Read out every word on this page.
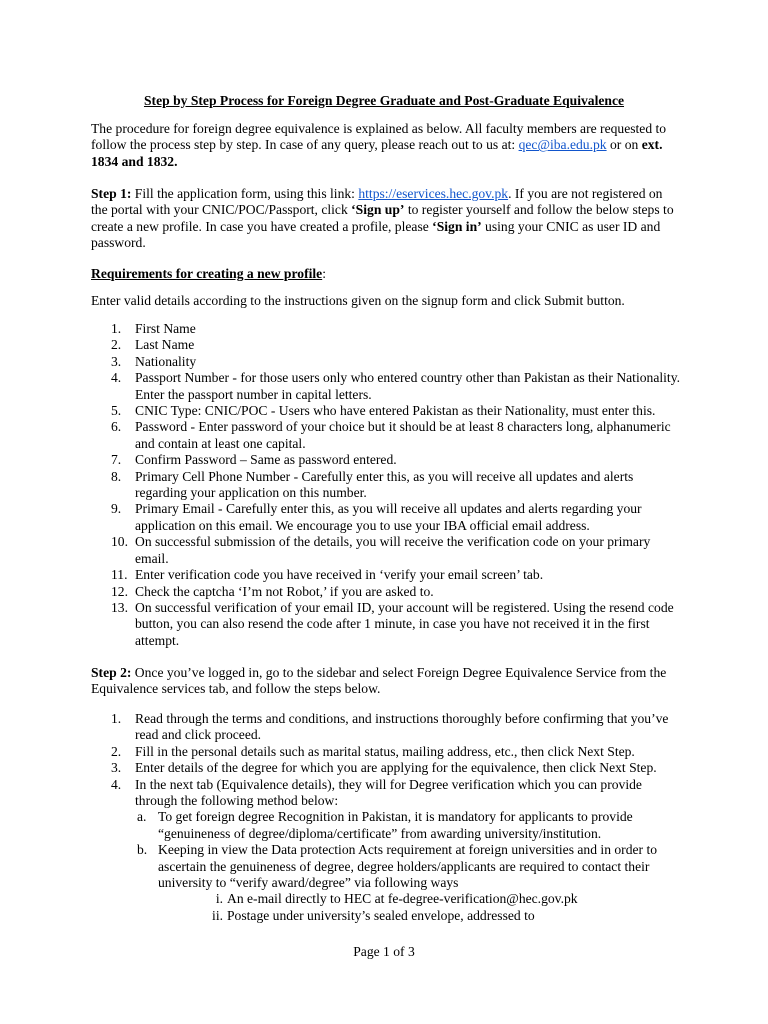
Step by Step Process for Foreign Degree Graduate and Post-Graduate Equivalence
The procedure for foreign degree equivalence is explained as below. All faculty members are requested to follow the process step by step. In case of any query, please reach out to us at: qec@iba.edu.pk or on ext. 1834 and 1832.
Step 1: Fill the application form, using this link: https://eservices.hec.gov.pk. If you are not registered on the portal with your CNIC/POC/Passport, click ‘Sign up’ to register yourself and follow the below steps to create a new profile. In case you have created a profile, please ‘Sign in’ using your CNIC as user ID and password.
Requirements for creating a new profile:
Enter valid details according to the instructions given on the signup form and click Submit button.
1.	First Name
2.	Last Name
3.	Nationality
4.	Passport Number - for those users only who entered country other than Pakistan as their Nationality. Enter the passport number in capital letters.
5.	CNIC Type: CNIC/POC - Users who have entered Pakistan as their Nationality, must enter this.
6.	Password - Enter password of your choice but it should be at least 8 characters long, alphanumeric and contain at least one capital.
7.	Confirm Password – Same as password entered.
8.	Primary Cell Phone Number - Carefully enter this, as you will receive all updates and alerts regarding your application on this number.
9.	Primary Email - Carefully enter this, as you will receive all updates and alerts regarding your application on this email. We encourage you to use your IBA official email address.
10. On successful submission of the details, you will receive the verification code on your primary email.
11. Enter verification code you have received in ‘verify your email screen’ tab.
12. Check the captcha ‘I’m not Robot,’ if you are asked to.
13. On successful verification of your email ID, your account will be registered. Using the resend code button, you can also resend the code after 1 minute, in case you have not received it in the first attempt.
Step 2: Once you’ve logged in, go to the sidebar and select Foreign Degree Equivalence Service from the Equivalence services tab, and follow the steps below.
1.	Read through the terms and conditions, and instructions thoroughly before confirming that you’ve read and click proceed.
2.	Fill in the personal details such as marital status, mailing address, etc., then click Next Step.
3.	Enter details of the degree for which you are applying for the equivalence, then click Next Step.
4.	In the next tab (Equivalence details), they will for Degree verification which you can provide through the following method below:
a. To get foreign degree Recognition in Pakistan, it is mandatory for applicants to provide “genuineness of degree/diploma/certificate” from awarding university/institution.
b. Keeping in view the Data protection Acts requirement at foreign universities and in order to ascertain the genuineness of degree, degree holders/applicants are required to contact their university to “verify award/degree” via following ways
i. An e-mail directly to HEC at fe-degree-verification@hec.gov.pk
ii. Postage under university’s sealed envelope, addressed to
Page 1 of 3
